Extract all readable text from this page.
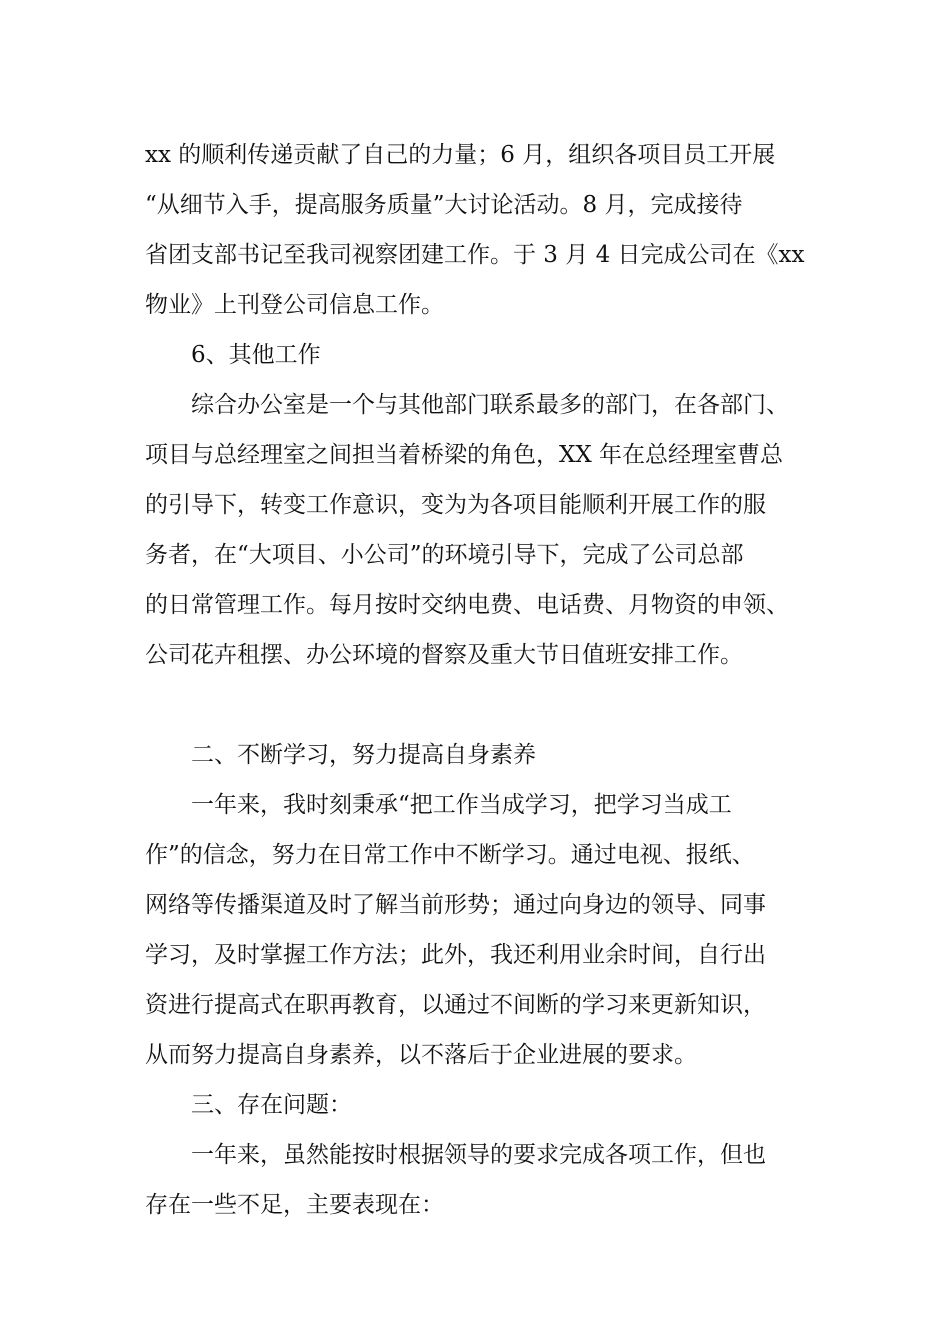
xx 的顺利传递贡献了自己的力量；6 月，组织各项目员工开展
“从细节入手，提高服务质量”大讨论活动。8 月，完成接待
省团支部书记至我司视察团建工作。于 3 月 4 日完成公司在《xx
物业》上刊登公司信息工作。
6、其他工作
综合办公室是一个与其他部门联系最多的部门，在各部门、
项目与总经理室之间担当着桥梁的角色，XX 年在总经理室曹总
的引导下，转变工作意识，变为为各项目能顺利开展工作的服
务者，在“大项目、小公司”的环境引导下，完成了公司总部
的日常管理工作。每月按时交纳电费、电话费、月物资的申领、
公司花卉租摆、办公环境的督察及重大节日值班安排工作。
二、不断学习，努力提高自身素养
一年来，我时刻秉承“把工作当成学习，把学习当成工
作”的信念，努力在日常工作中不断学习。通过电视、报纸、
网络等传播渠道及时了解当前形势；通过向身边的领导、同事
学习，及时掌握工作方法；此外，我还利用业余时间，自行出
资进行提高式在职再教育，以通过不间断的学习来更新知识，
从而努力提高自身素养，以不落后于企业进展的要求。
三、存在问题：
一年来，虽然能按时根据领导的要求完成各项工作，但也
存在一些不足，主要表现在：
